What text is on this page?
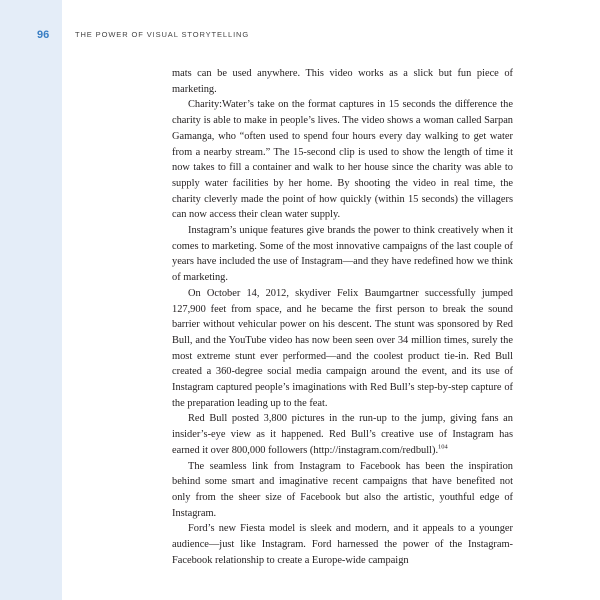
96	THE POWER OF VISUAL STORYTELLING

mats can be used anywhere. This video works as a slick but fun piece of marketing.

Charity:Water’s take on the format captures in 15 seconds the difference the charity is able to make in people’s lives. The video shows a woman called Sarpan Gamanga, who “often used to spend four hours every day walking to get water from a nearby stream.” The 15-second clip is used to show the length of time it now takes to fill a container and walk to her house since the charity was able to supply water facilities by her home. By shooting the video in real time, the charity cleverly made the point of how quickly (within 15 seconds) the villagers can now access their clean water supply.

Instagram’s unique features give brands the power to think creatively when it comes to marketing. Some of the most innovative campaigns of the last couple of years have included the use of Instagram—and they have redefined how we think of marketing.

On October 14, 2012, skydiver Felix Baumgartner successfully jumped 127,900 feet from space, and he became the first person to break the sound barrier without vehicular power on his descent. The stunt was sponsored by Red Bull, and the YouTube video has now been seen over 34 million times, surely the most extreme stunt ever performed—and the coolest product tie-in. Red Bull created a 360-degree social media campaign around the event, and its use of Instagram captured people’s imaginations with Red Bull’s step-by-step capture of the preparation leading up to the feat.

Red Bull posted 3,800 pictures in the run-up to the jump, giving fans an insider’s-eye view as it happened. Red Bull’s creative use of Instagram has earned it over 800,000 followers (http://instagram.com/redbull).$^{104}$

The seamless link from Instagram to Facebook has been the inspiration behind some smart and imaginative recent campaigns that have benefited not only from the sheer size of Facebook but also the artistic, youthful edge of Instagram.

Ford’s new Fiesta model is sleek and modern, and it appeals to a younger audience—just like Instagram. Ford harnessed the power of the Instagram-Facebook relationship to create a Europe-wide campaign
